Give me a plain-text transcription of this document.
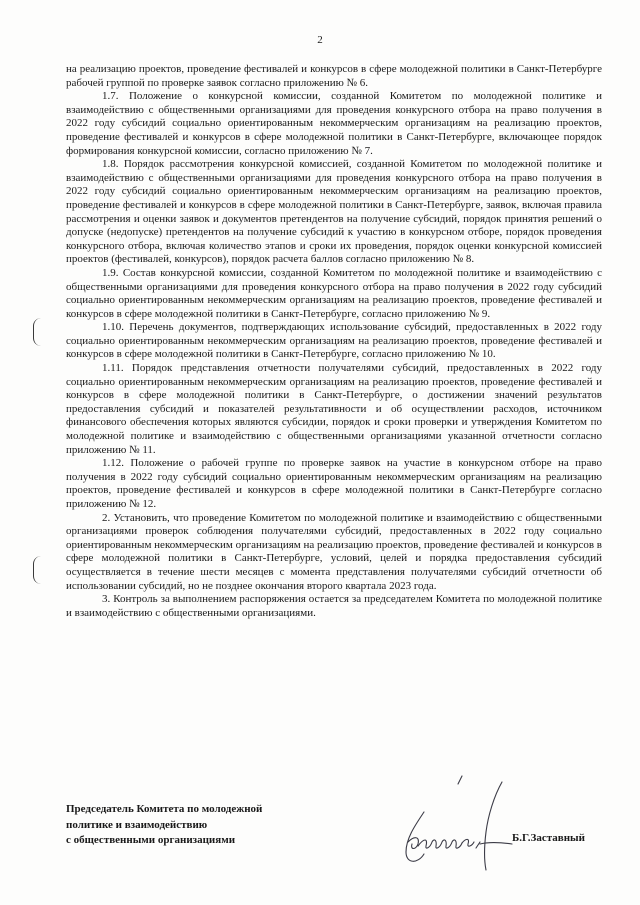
2

на реализацию проектов, проведение фестивалей и конкурсов в сфере молодежной политики в Санкт-Петербурге рабочей группой по проверке заявок согласно приложению № 6.

1.7. Положение о конкурсной комиссии, созданной Комитетом по молодежной политике и взаимодействию с общественными организациями для проведения конкурсного отбора на право получения в 2022 году субсидий социально ориентированным некоммерческим организациям на реализацию проектов, проведение фестивалей и конкурсов в сфере молодежной политики в Санкт-Петербурге, включающее порядок формирования конкурсной комиссии, согласно приложению № 7.

1.8. Порядок рассмотрения конкурсной комиссией, созданной Комитетом по молодежной политике и взаимодействию с общественными организациями для проведения конкурсного отбора на право получения в 2022 году субсидий социально ориентированным некоммерческим организациям на реализацию проектов, проведение фестивалей и конкурсов в сфере молодежной политики в Санкт-Петербурге, заявок, включая правила рассмотрения и оценки заявок и документов претендентов на получение субсидий, порядок принятия решений о допуске (недопуске) претендентов на получение субсидий к участию в конкурсном отборе, порядок проведения конкурсного отбора, включая количество этапов и сроки их проведения, порядок оценки конкурсной комиссией проектов (фестивалей, конкурсов), порядок расчета баллов согласно приложению № 8.

1.9. Состав конкурсной комиссии, созданной Комитетом по молодежной политике и взаимодействию с общественными организациями для проведения конкурсного отбора на право получения в 2022 году субсидий социально ориентированным некоммерческим организациям на реализацию проектов, проведение фестивалей и конкурсов в сфере молодежной политики в Санкт-Петербурге, согласно приложению № 9.

1.10. Перечень документов, подтверждающих использование субсидий, предоставленных в 2022 году социально ориентированным некоммерческим организациям на реализацию проектов, проведение фестивалей и конкурсов в сфере молодежной политики в Санкт-Петербурге, согласно приложению № 10.

1.11. Порядок представления отчетности получателями субсидий, предоставленных в 2022 году социально ориентированным некоммерческим организациям на реализацию проектов, проведение фестивалей и конкурсов в сфере молодежной политики в Санкт-Петербурге, о достижении значений результатов предоставления субсидий и показателей результативности и об осуществлении расходов, источником финансового обеспечения которых являются субсидии, порядок и сроки проверки и утверждения Комитетом по молодежной политике и взаимодействию с общественными организациями указанной отчетности согласно приложению № 11.

1.12. Положение о рабочей группе по проверке заявок на участие в конкурсном отборе на право получения в 2022 году субсидий социально ориентированным некоммерческим организациям на реализацию проектов, проведение фестивалей и конкурсов в сфере молодежной политики в Санкт-Петербурге согласно приложению № 12.

2. Установить, что проведение Комитетом по молодежной политике и взаимодействию с общественными организациями проверок соблюдения получателями субсидий, предоставленных в 2022 году социально ориентированным некоммерческим организациям на реализацию проектов, проведение фестивалей и конкурсов в сфере молодежной политики в Санкт-Петербурге, условий, целей и порядка предоставления субсидий осуществляется в течение шести месяцев с момента представления получателями субсидий отчетности об использовании субсидий, но не позднее окончания второго квартала 2023 года.

3. Контроль за выполнением распоряжения остается за председателем Комитета по молодежной политике и взаимодействию с общественными организациями.

Председатель Комитета по молодежной
политике и взаимодействию
с общественными организациями	Б.Г.Заставный
